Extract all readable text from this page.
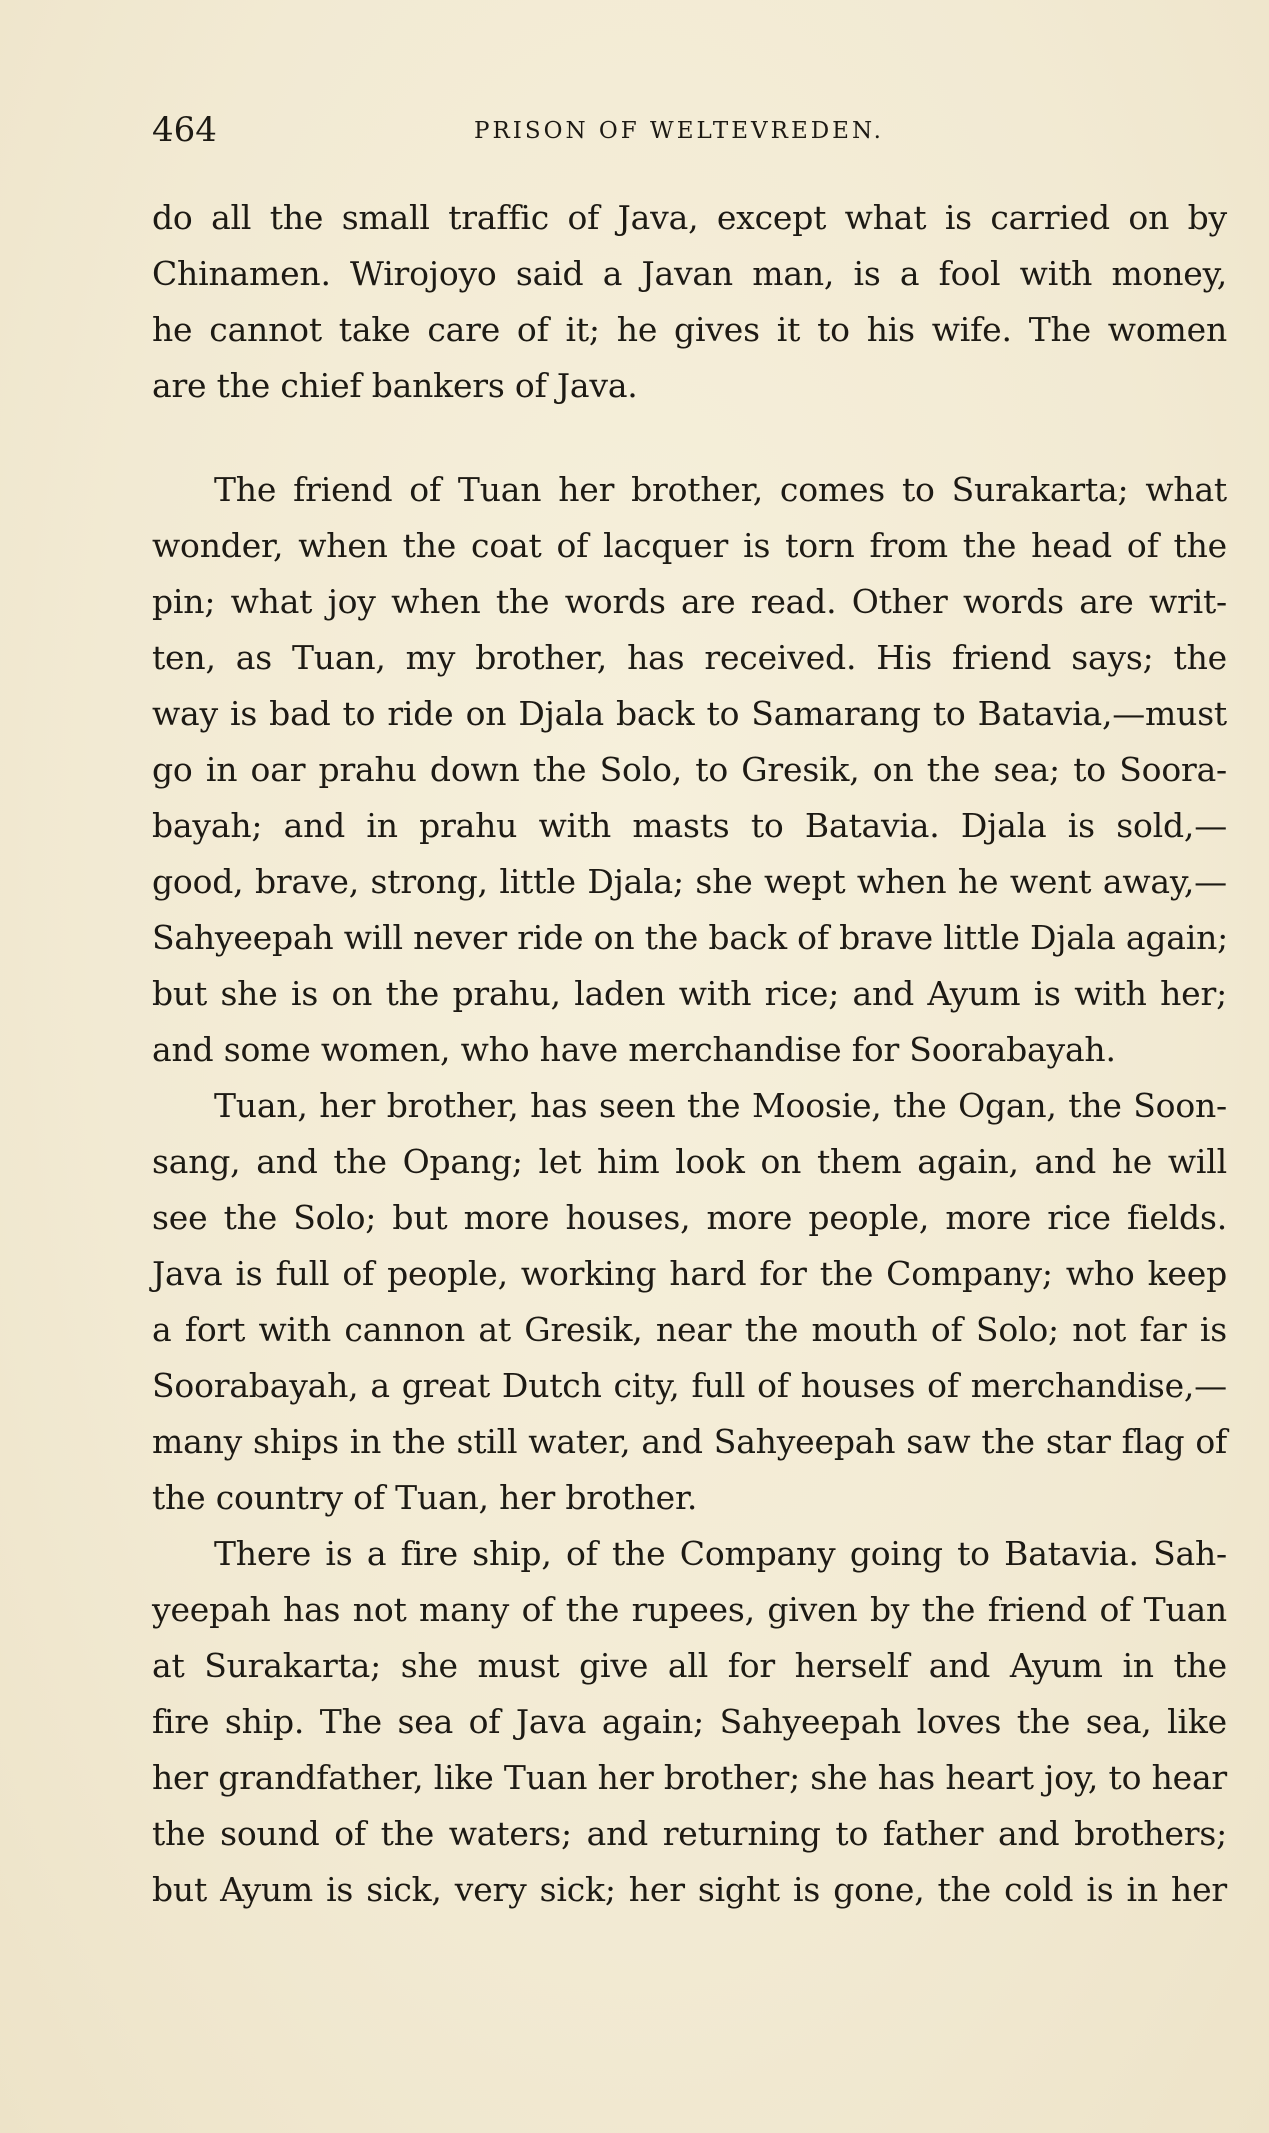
464	PRISON OF WELTEVREDEN.
do all the small traffic of Java, except what is carried on by
Chinamen. Wirojoyo said a Javan man, is a fool with money,
he cannot take care of it; he gives it to his wife. The women
are the chief bankers of Java.
The friend of Tuan her brother, comes to Surakarta; what
wonder, when the coat of lacquer is torn from the head of the
pin; what joy when the words are read. Other words are writ-
ten, as Tuan, my brother, has received. His friend says; the
way is bad to ride on Djala back to Samarang to Batavia,—must
go in oar prahu down the Solo, to Gresik, on the sea; to Soora-
bayah; and in prahu with masts to Batavia. Djala is sold,—
good, brave, strong, little Djala; she wept when he went away,—
Sahyeepah will never ride on the back of brave little Djala again;
but she is on the prahu, laden with rice; and Ayum is with her;
and some women, who have merchandise for Soorabayah.
Tuan, her brother, has seen the Moosie, the Ogan, the Soon-
sang, and the Opang; let him look on them again, and he will
see the Solo; but more houses, more people, more rice fields.
Java is full of people, working hard for the Company; who keep
a fort with cannon at Gresik, near the mouth of Solo; not far is
Soorabayah, a great Dutch city, full of houses of merchandise,—
many ships in the still water, and Sahyeepah saw the star flag of
the country of Tuan, her brother.
There is a fire ship, of the Company going to Batavia. Sah-
yeepah has not many of the rupees, given by the friend of Tuan
at Surakarta; she must give all for herself and Ayum in the
fire ship. The sea of Java again; Sahyeepah loves the sea, like
her grandfather, like Tuan her brother; she has heart joy, to hear
the sound of the waters; and returning to father and brothers;
but Ayum is sick, very sick; her sight is gone, the cold is in her
